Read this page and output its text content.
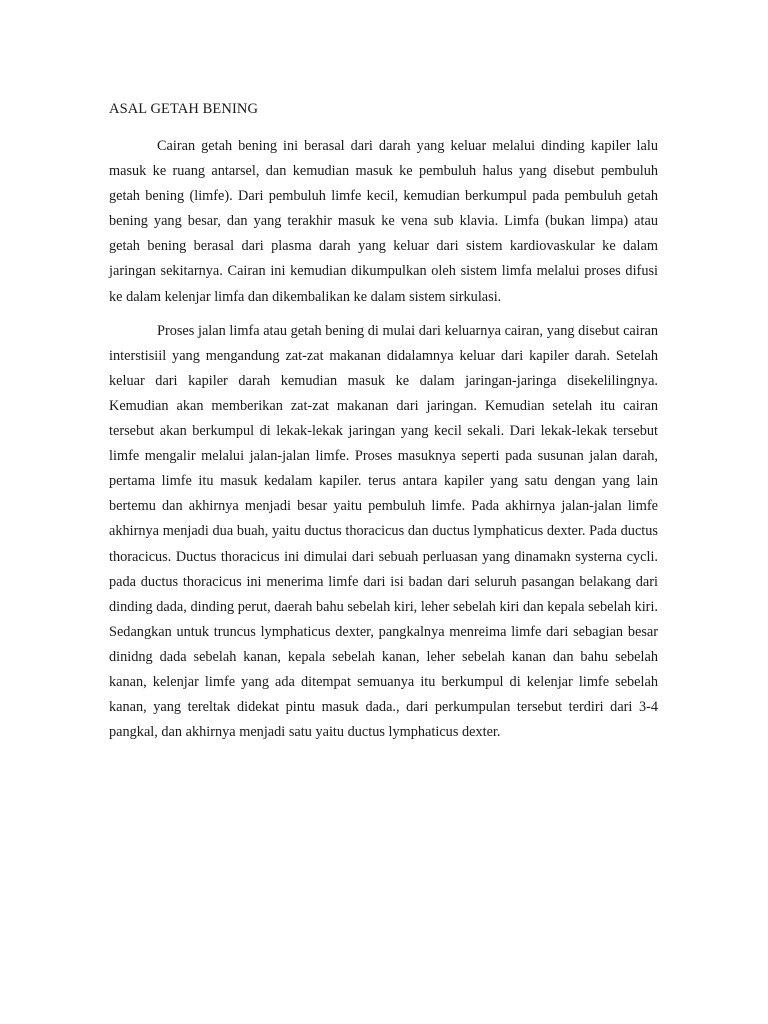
ASAL GETAH BENING

Cairan getah bening ini berasal dari darah yang keluar melalui dinding kapiler lalu masuk ke ruang antarsel, dan kemudian masuk ke pembuluh halus yang disebut pembuluh getah bening (limfe). Dari pembuluh limfe kecil, kemudian berkumpul pada pembuluh getah bening yang besar, dan yang terakhir masuk ke vena sub klavia. Limfa (bukan limpa) atau getah bening berasal dari plasma darah yang keluar dari sistem kardiovaskular ke dalam jaringan sekitarnya. Cairan ini kemudian dikumpulkan oleh sistem limfa melalui proses difusi ke dalam kelenjar limfa dan dikembalikan ke dalam sistem sirkulasi.

Proses jalan limfa atau getah bening di mulai dari keluarnya cairan, yang disebut cairan interstisiil yang mengandung zat-zat makanan didalamnya keluar dari kapiler darah. Setelah keluar dari kapiler darah kemudian masuk ke dalam jaringan-jaringa disekelilingnya. Kemudian akan memberikan zat-zat makanan dari jaringan. Kemudian setelah itu cairan tersebut akan berkumpul di lekak-lekak jaringan yang kecil sekali. Dari lekak-lekak tersebut limfe mengalir melalui jalan-jalan limfe. Proses masuknya seperti pada susunan jalan darah, pertama limfe itu masuk kedalam kapiler. terus antara kapiler yang satu dengan yang lain bertemu dan akhirnya menjadi besar yaitu pembuluh limfe. Pada akhirnya jalan-jalan limfe akhirnya menjadi dua buah, yaitu ductus thoracicus dan ductus lymphaticus dexter. Pada ductus thoracicus. Ductus thoracicus ini dimulai dari sebuah perluasan yang dinamakn systerna cycli. pada ductus thoracicus ini menerima limfe dari isi badan dari seluruh pasangan belakang dari dinding dada, dinding perut, daerah bahu sebelah kiri, leher sebelah kiri dan kepala sebelah kiri. Sedangkan untuk truncus lymphaticus dexter, pangkalnya menreima limfe dari sebagian besar dinidng dada sebelah kanan, kepala sebelah kanan, leher sebelah kanan dan bahu sebelah kanan, kelenjar limfe yang ada ditempat semuanya itu berkumpul di kelenjar limfe sebelah kanan, yang tereltak didekat pintu masuk dada., dari perkumpulan tersebut terdiri dari 3-4 pangkal, dan akhirnya menjadi satu yaitu ductus lymphaticus dexter.
